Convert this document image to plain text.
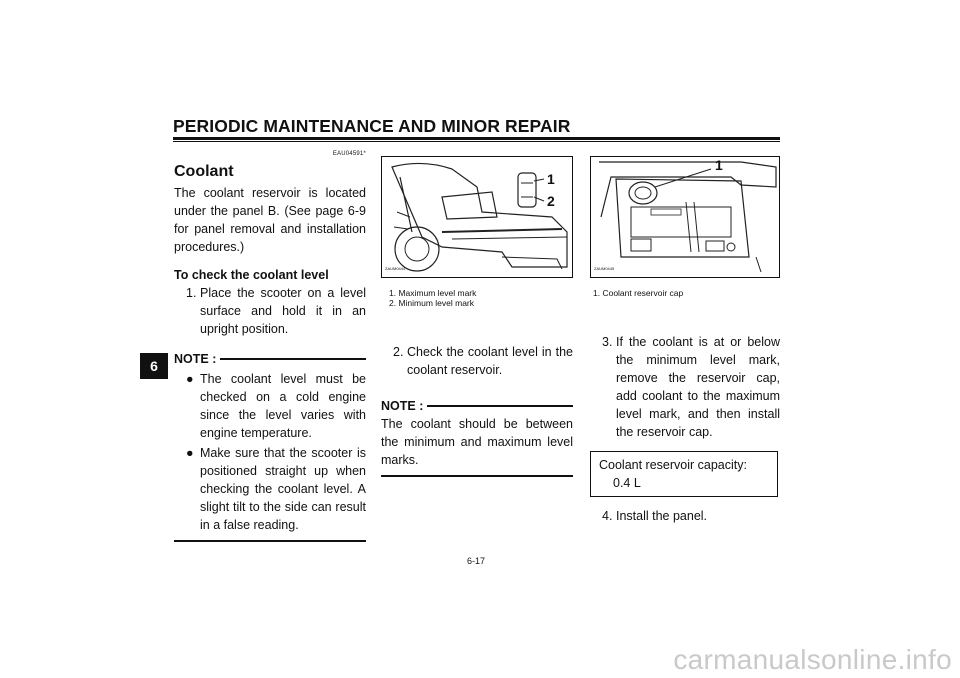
PERIODIC MAINTENANCE AND MINOR REPAIR
6
EAU04591*
Coolant

The coolant reservoir is located under the panel B. (See page 6-9 for panel removal and installation procedures.)

To check the coolant level

1. Place the scooter on a level surface and hold it in an upright position.

NOTE :

● The coolant level must be checked on a cold engine since the level varies with engine temperature.

● Make sure that the scooter is positioned straight up when checking the coolant level. A slight tilt to the side can result in a false reading.

1
2
ZAUM0444
1. Maximum level mark
2. Minimum level mark
1
ZAUM0445
1. Coolant reservoir cap

2. Check the coolant level in the coolant reservoir.

NOTE :

The coolant should be between the minimum and maximum level marks.

3. If the coolant is at or below the minimum level mark, remove the reservoir cap, add coolant to the maximum level mark, and then install the reservoir cap.

Coolant reservoir capacity:
0.4 L

4. Install the panel.

6-17
carmanualsonline.info
